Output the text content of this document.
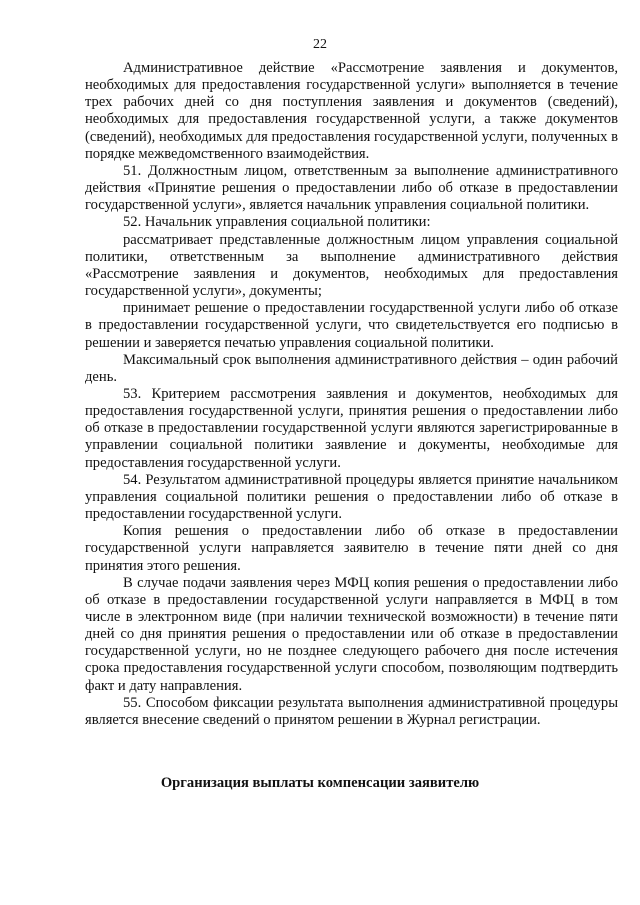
22

Административное действие «Рассмотрение заявления и документов, необходимых для предоставления государственной услуги» выполняется в течение трех рабочих дней со дня поступления заявления и документов (сведений), необходимых для предоставления государственной услуги, а также документов (сведений), необходимых для предоставления государственной услуги, полученных в порядке межведомственного взаимодействия.

51. Должностным лицом, ответственным за выполнение административного действия «Принятие решения о предоставлении либо об отказе в предоставлении государственной услуги», является начальник управления социальной политики.

52. Начальник управления социальной политики:

рассматривает представленные должностным лицом управления социальной политики, ответственным за выполнение административного действия «Рассмотрение заявления и документов, необходимых для предоставления государственной услуги», документы;

принимает решение о предоставлении государственной услуги либо об отказе в предоставлении государственной услуги, что свидетельствуется его подписью в решении и заверяется печатью управления социальной политики.

Максимальный срок выполнения административного действия – один рабочий день.

53. Критерием рассмотрения заявления и документов, необходимых для предоставления государственной услуги, принятия решения о предоставлении либо об отказе в предоставлении государственной услуги являются зарегистрированные в управлении социальной политики заявление и документы, необходимые для предоставления государственной услуги.

54. Результатом административной процедуры является принятие начальником управления социальной политики решения о предоставлении либо об отказе в предоставлении государственной услуги.

Копия решения о предоставлении либо об отказе в предоставлении государственной услуги направляется заявителю в течение пяти дней со дня принятия этого решения.

В случае подачи заявления через МФЦ копия решения о предоставлении либо об отказе в предоставлении государственной услуги направляется в МФЦ в том числе в электронном виде (при наличии технической возможности) в течение пяти дней со дня принятия решения о предоставлении или об отказе в предоставлении государственной услуги, но не позднее следующего рабочего дня после истечения срока предоставления государственной услуги способом, позволяющим подтвердить факт и дату направления.

55. Способом фиксации результата выполнения административной процедуры является внесение сведений о принятом решении в Журнал регистрации.

Организация выплаты компенсации заявителю
